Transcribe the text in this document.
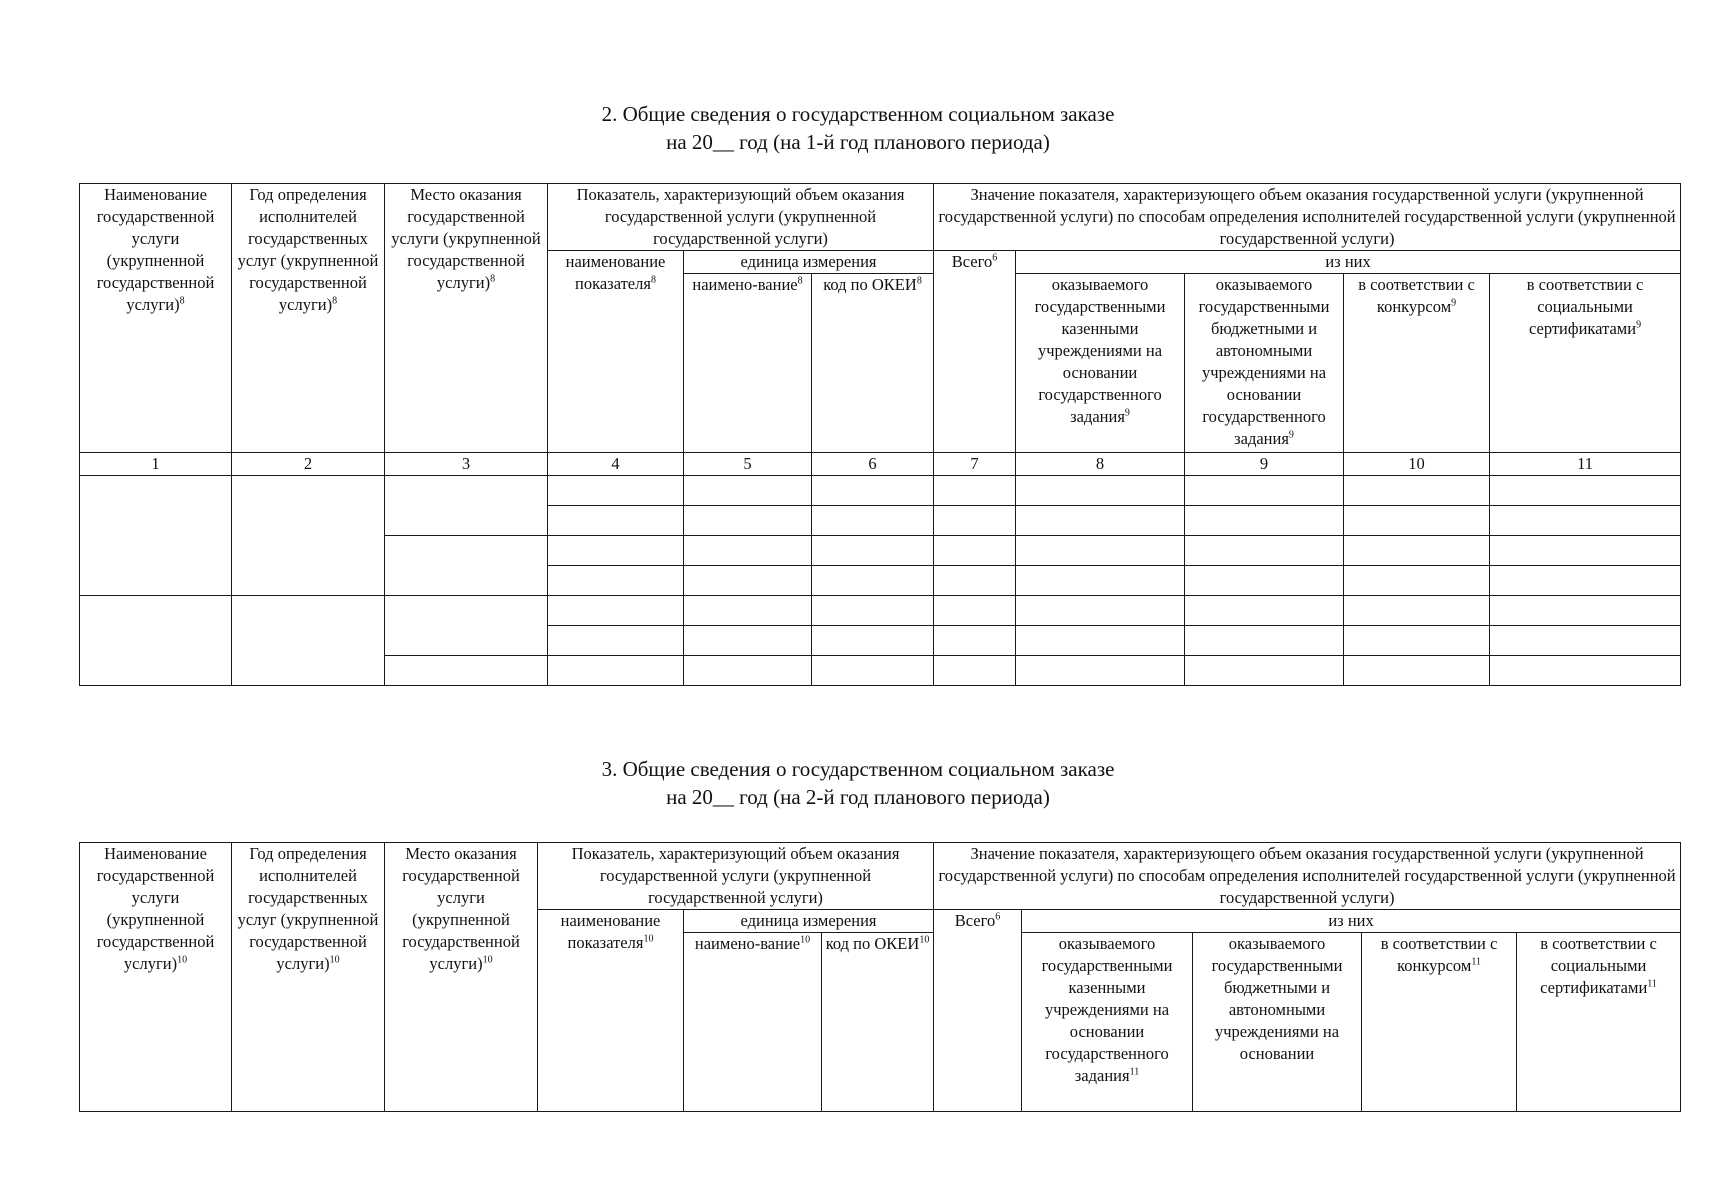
2. Общие сведения о государственном социальном заказе
на 20__ год (на 1-й год планового периода)
Наименование государственной услуги (укрупненной государственной услуги)$^8$	Год определения исполнителей государственных услуг (укрупненной государственной услуги)$^8$	Место оказания государственной услуги (укрупненной государственной услуги)$^8$	Показатель, характеризующий объем оказания государственной услуги (укрупненной государственной услуги)			Значение показателя, характеризующего объем оказания государственной услуги (укрупненной государственной услуги) по способам определения исполнителей государственной услуги (укрупненной государственной услуги)				
			наименование показателя$^8$	единица измерения		Всего$^6$	из них			
				наимено-вание$^8$	код по ОКЕИ$^8$		оказываемого государственными казенными учреждениями на основании государственного задания$^9$	оказываемого государственными бюджетными и автономными учреждениями на основании государственного задания$^9$	в соответствии с конкурсом$^9$	в соответствии с социальными сертификатами$^9$
1	2	3	4	5	6	7	8	9	10	11

3. Общие сведения о государственном социальном заказе
на 20__ год (на 2-й год планового периода)
Наименование государственной услуги (укрупненной государственной услуги)$^{10}$	Год определения исполнителей государственных услуг (укрупненной государственной услуги)$^{10}$	Место оказания государственной услуги (укрупненной государственной услуги)$^{10}$	Показатель, характеризующий объем оказания государственной услуги (укрупненной государственной услуги)			Значение показателя, характеризующего объем оказания государственной услуги (укрупненной государственной услуги) по способам определения исполнителей государственной услуги (укрупненной государственной услуги)				
			наименование показателя$^{10}$	единица измерения		Всего$^6$	из них			
				наимено-вание$^{10}$	код по ОКЕИ$^{10}$		оказываемого государственными казенными учреждениями на основании государственного задания$^{11}$	оказываемого государственными бюджетными и автономными учреждениями на основании	в соответствии с конкурсом$^{11}$	в соответствии с социальными сертификатами$^{11}$
